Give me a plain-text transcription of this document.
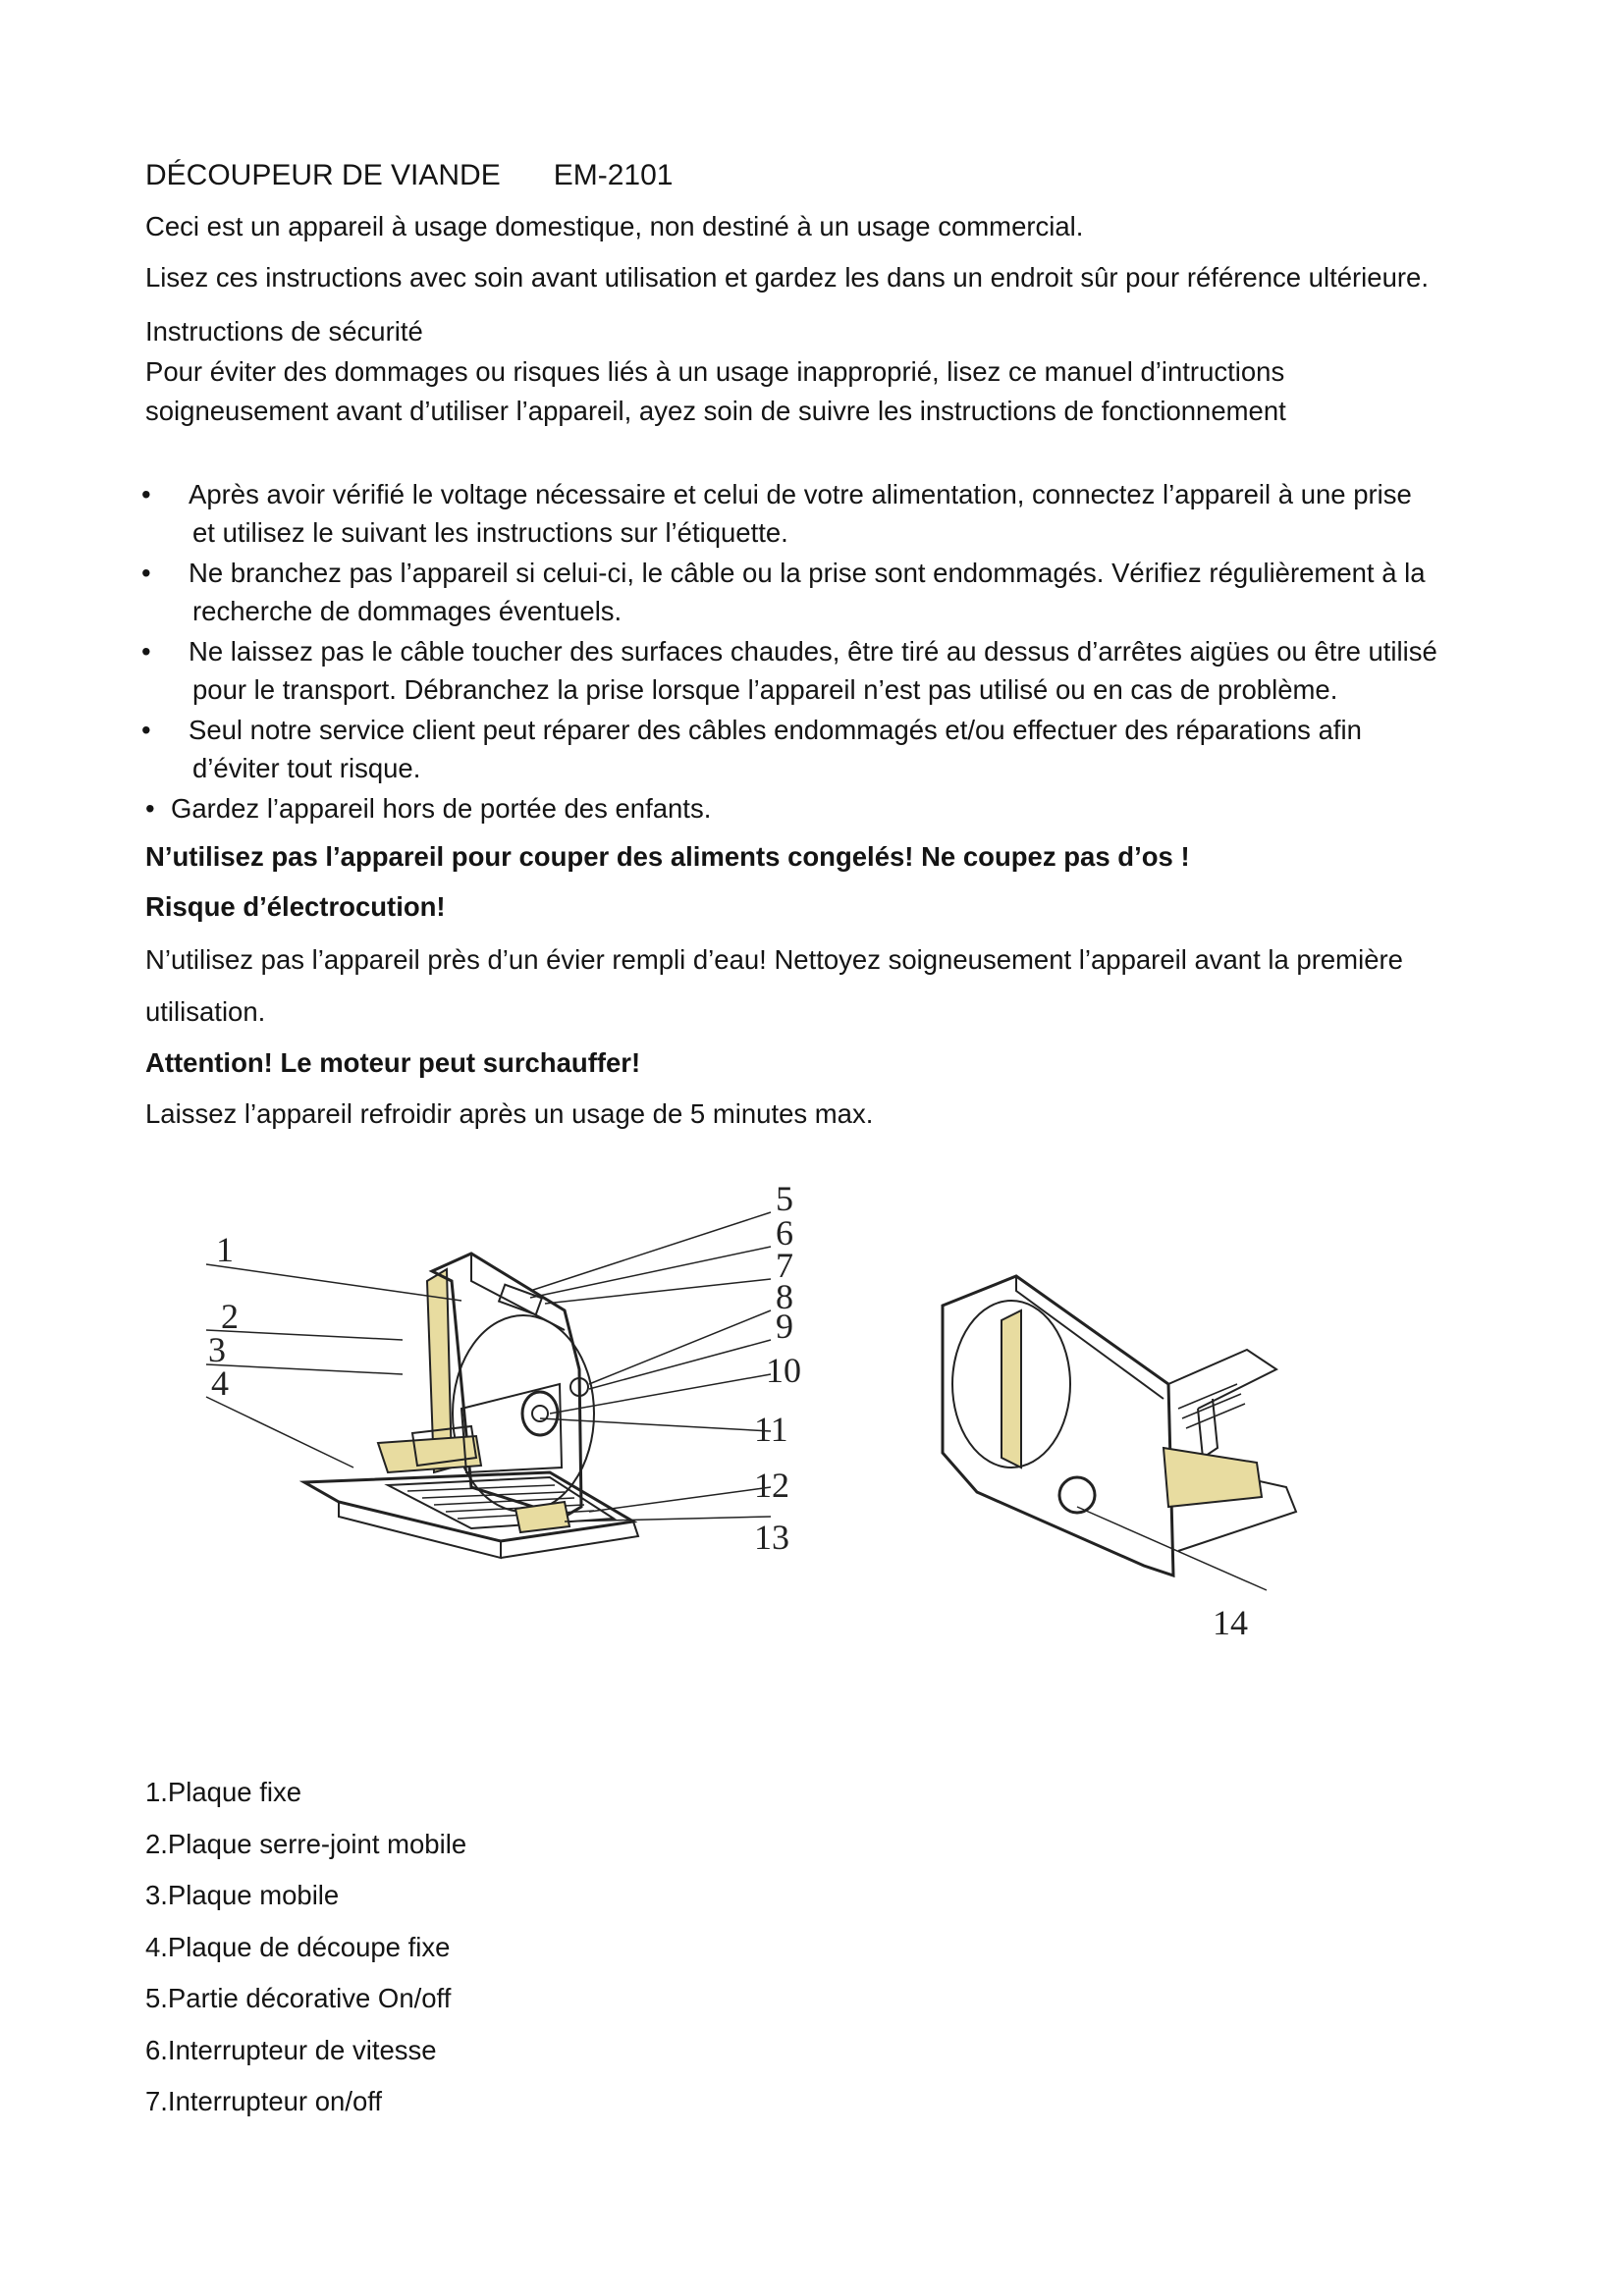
DÉCOUPEUR DE VIANDE EM-2101
Ceci est un appareil à usage domestique, non destiné à un usage commercial.
Lisez ces instructions avec soin avant utilisation et gardez les dans un endroit sûr pour référence ultérieure.
Instructions de sécurité
Pour éviter des dommages ou risques liés à un usage inapproprié, lisez ce manuel d’intructions
soigneusement avant d’utiliser l’appareil, ayez soin de suivre les instructions de fonctionnement
•	Après avoir vérifié le voltage nécessaire et celui de votre alimentation, connectez l’appareil à une prise
et utilisez le suivant les instructions sur l’étiquette.
•	Ne branchez pas l’appareil si celui-ci, le câble ou la prise sont endommagés. Vérifiez régulièrement à la
recherche de dommages éventuels.
•	Ne laissez pas le câble toucher des surfaces chaudes, être tiré au dessus d’arrêtes aigües ou être utilisé
pour le transport. Débranchez la prise lorsque l’appareil n’est pas utilisé ou en cas de problème.
•	Seul notre service client peut réparer des câbles endommagés et/ou effectuer des réparations afin
d’éviter tout risque.
• Gardez l’appareil hors de portée des enfants.
N’utilisez pas l’appareil pour couper des aliments congelés! Ne coupez pas d’os !
Risque d’électrocution!
N’utilisez pas l’appareil près d’un évier rempli d’eau! Nettoyez soigneusement l’appareil avant la première
utilisation.
Attention! Le moteur peut surchauffer!
Laissez l’appareil refroidir après un usage de 5 minutes max.
1
2
3
4
5
6
7
8
9
10
11
12
13
14
1.Plaque fixe
2.Plaque serre-joint mobile
3.Plaque mobile
4.Plaque de découpe fixe
5.Partie décorative On/off
6.Interrupteur de vitesse
7.Interrupteur on/off
